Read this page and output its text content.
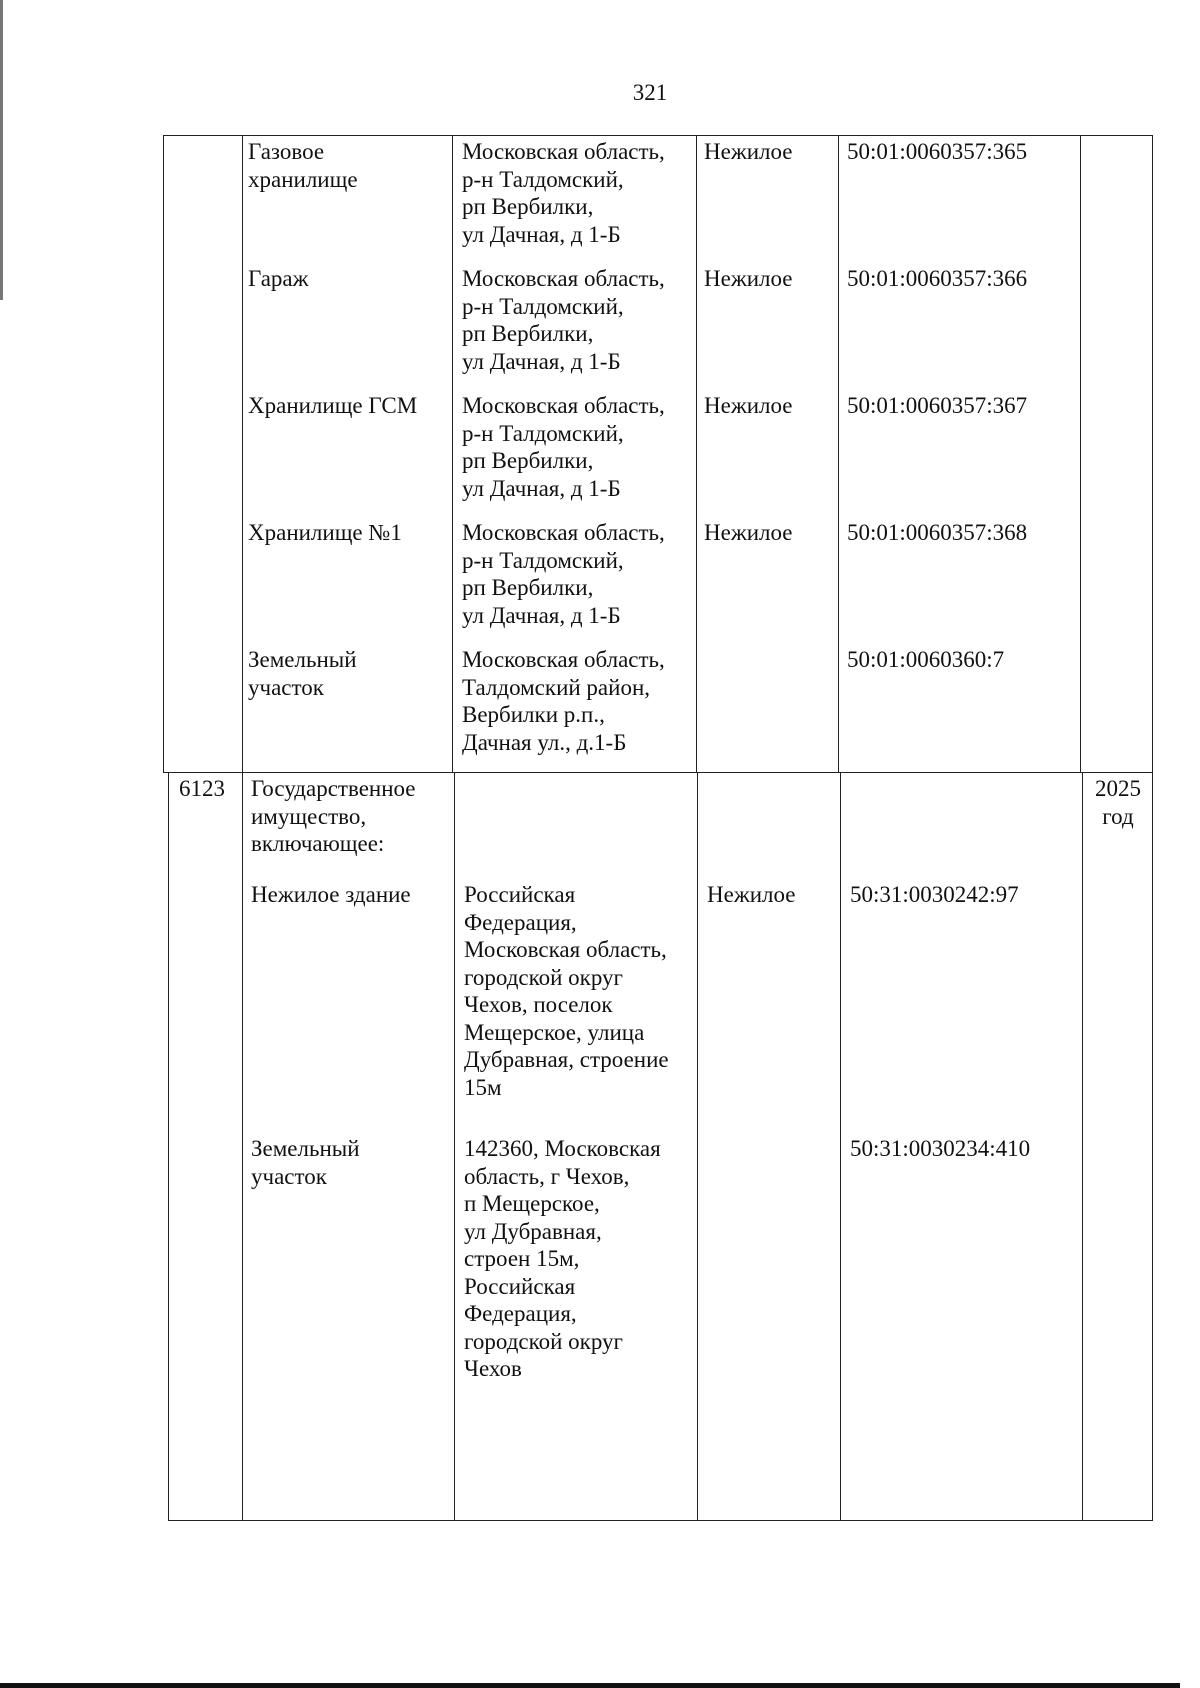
321
Газовое
хранилище
Московская область,
р-н Талдомский,
рп Вербилки,
ул Дачная, д 1-Б
Нежилое 50:01:0060357:365
Гараж	Московская область,
р-н Талдомский,
рп Вербилки,
ул Дачная, д 1-Б
Нежилое 50:01:0060357:366
Хранилище ГСМ Московская область,
р-н Талдомский,
рп Вербилки,
ул Дачная, д 1-Б
Нежилое 50:01:0060357:367
Хранилище №1	Московская область,
р-н Талдомский,
рп Вербилки,
ул Дачная, д 1-Б
Нежилое 50:01:0060357:368
Земельный
участок
Московская область,
Талдомский район,
Вербилки р.п.,
Дачная ул., д.1-Б
50:01:0060360:7
6123 Государственное
имущество,
включающее:
2025
год
Нежилое здание Российская
Федерация,
Московская область,
городской округ
Чехов, поселок
Мещерское, улица
Дубравная, строение
15м
Нежилое 50:31:0030242:97
Земельный
участок
142360, Московская
область, г Чехов,
п Мещерское,
ул Дубравная,
строен 15м,
Российская
Федерация,
городской округ
Чехов
50:31:0030234:410
